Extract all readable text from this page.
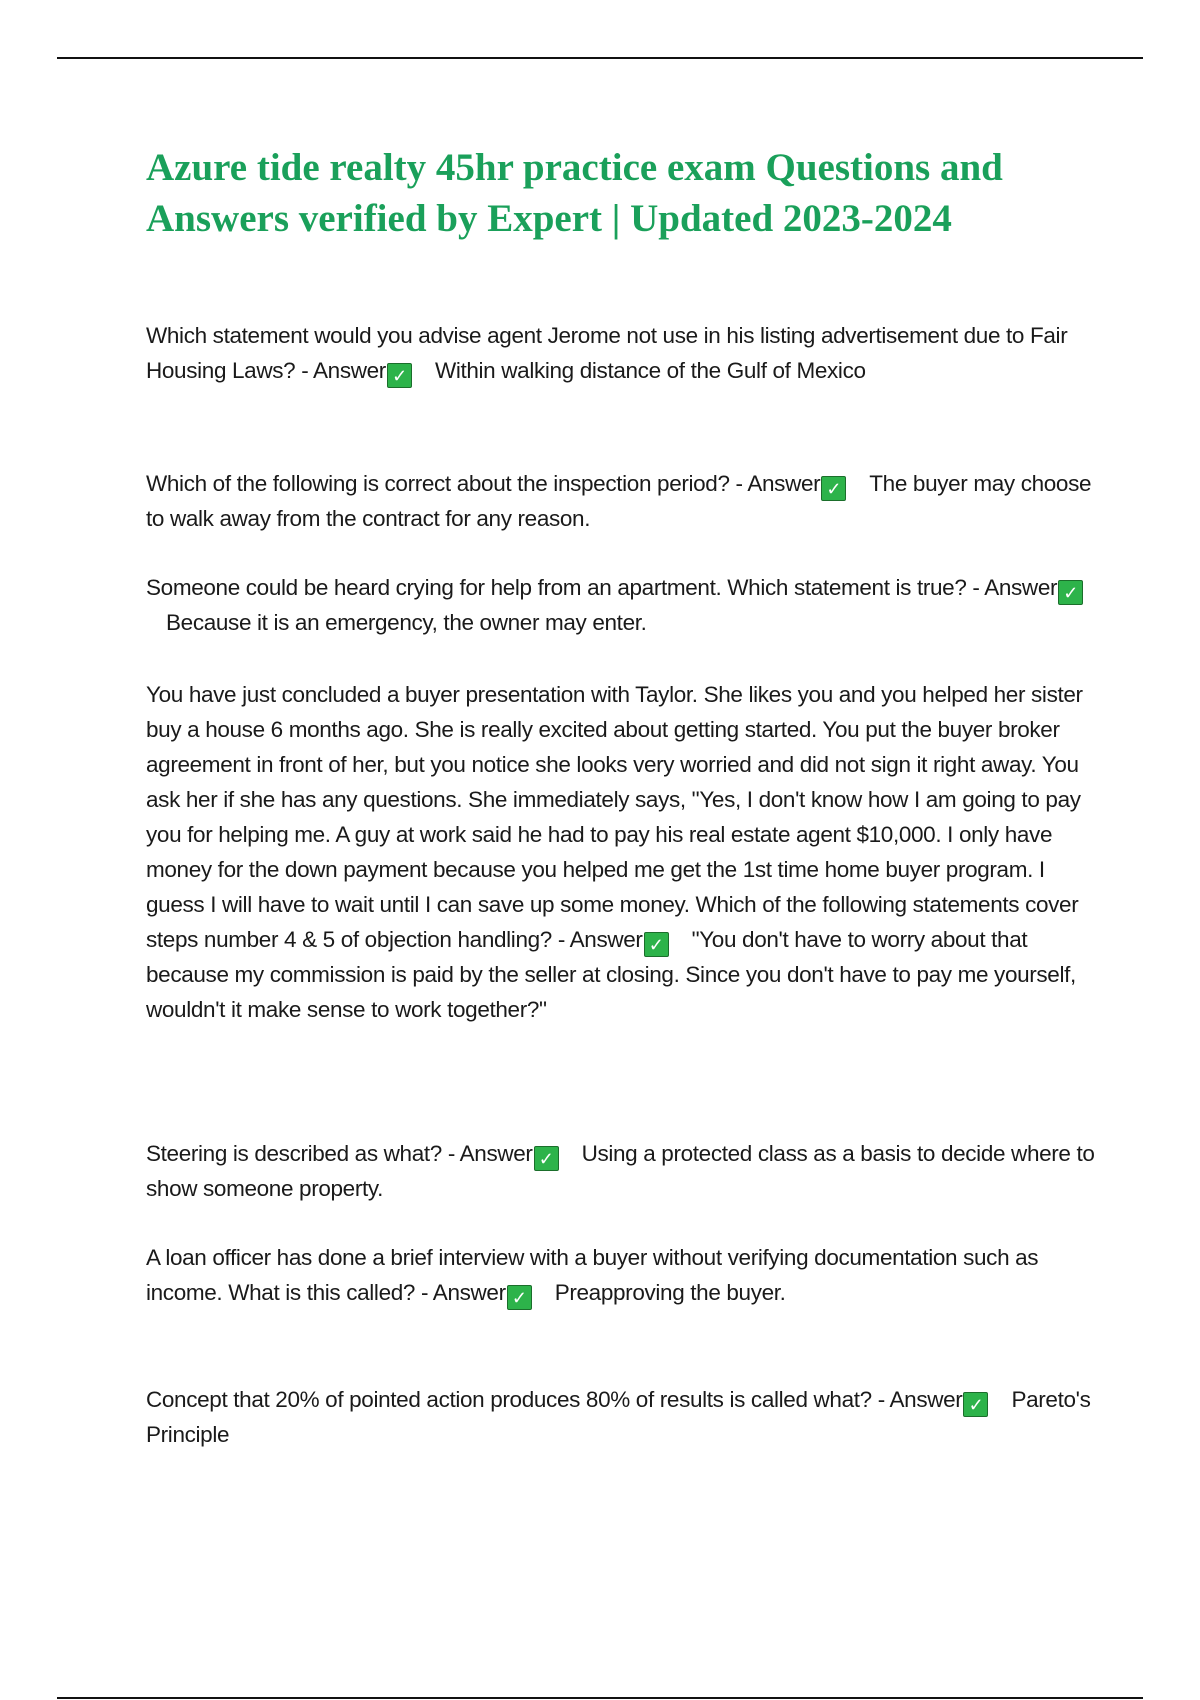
Azure tide realty 45hr practice exam Questions and Answers verified by Expert | Updated 2023-2024

Which statement would you advise agent Jerome not use in his listing advertisement due to Fair Housing Laws? - Answer ✓ Within walking distance of the Gulf of Mexico

Which of the following is correct about the inspection period? - Answer ✓ The buyer may choose to walk away from the contract for any reason.

Someone could be heard crying for help from an apartment. Which statement is true? - Answer ✓Because it is an emergency, the owner may enter.

You have just concluded a buyer presentation with Taylor. She likes you and you helped her sister buy a house 6 months ago. She is really excited about getting started. You put the buyer broker agreement in front of her, but you notice she looks very worried and did not sign it right away. You ask her if she has any questions. She immediately says, "Yes, I don't know how I am going to pay you for helping me. A guy at work said he had to pay his real estate agent $10,000. I only have money for the down payment because you helped me get the 1st time home buyer program. I guess I will have to wait until I can save up some money. Which of the following statements cover steps number 4 & 5 of objection handling? - Answer ✓ "You don't have to worry about that because my commission is paid by the seller at closing. Since you don't have to pay me yourself, wouldn't it make sense to work together?"

Steering is described as what? - Answer ✓ Using a protected class as a basis to decide where to show someone property.

A loan officer has done a brief interview with a buyer without verifying documentation such as income. What is this called? - Answer ✓ Preapproving the buyer.

Concept that 20% of pointed action produces 80% of results is called what? - Answer ✓ Pareto's Principle
